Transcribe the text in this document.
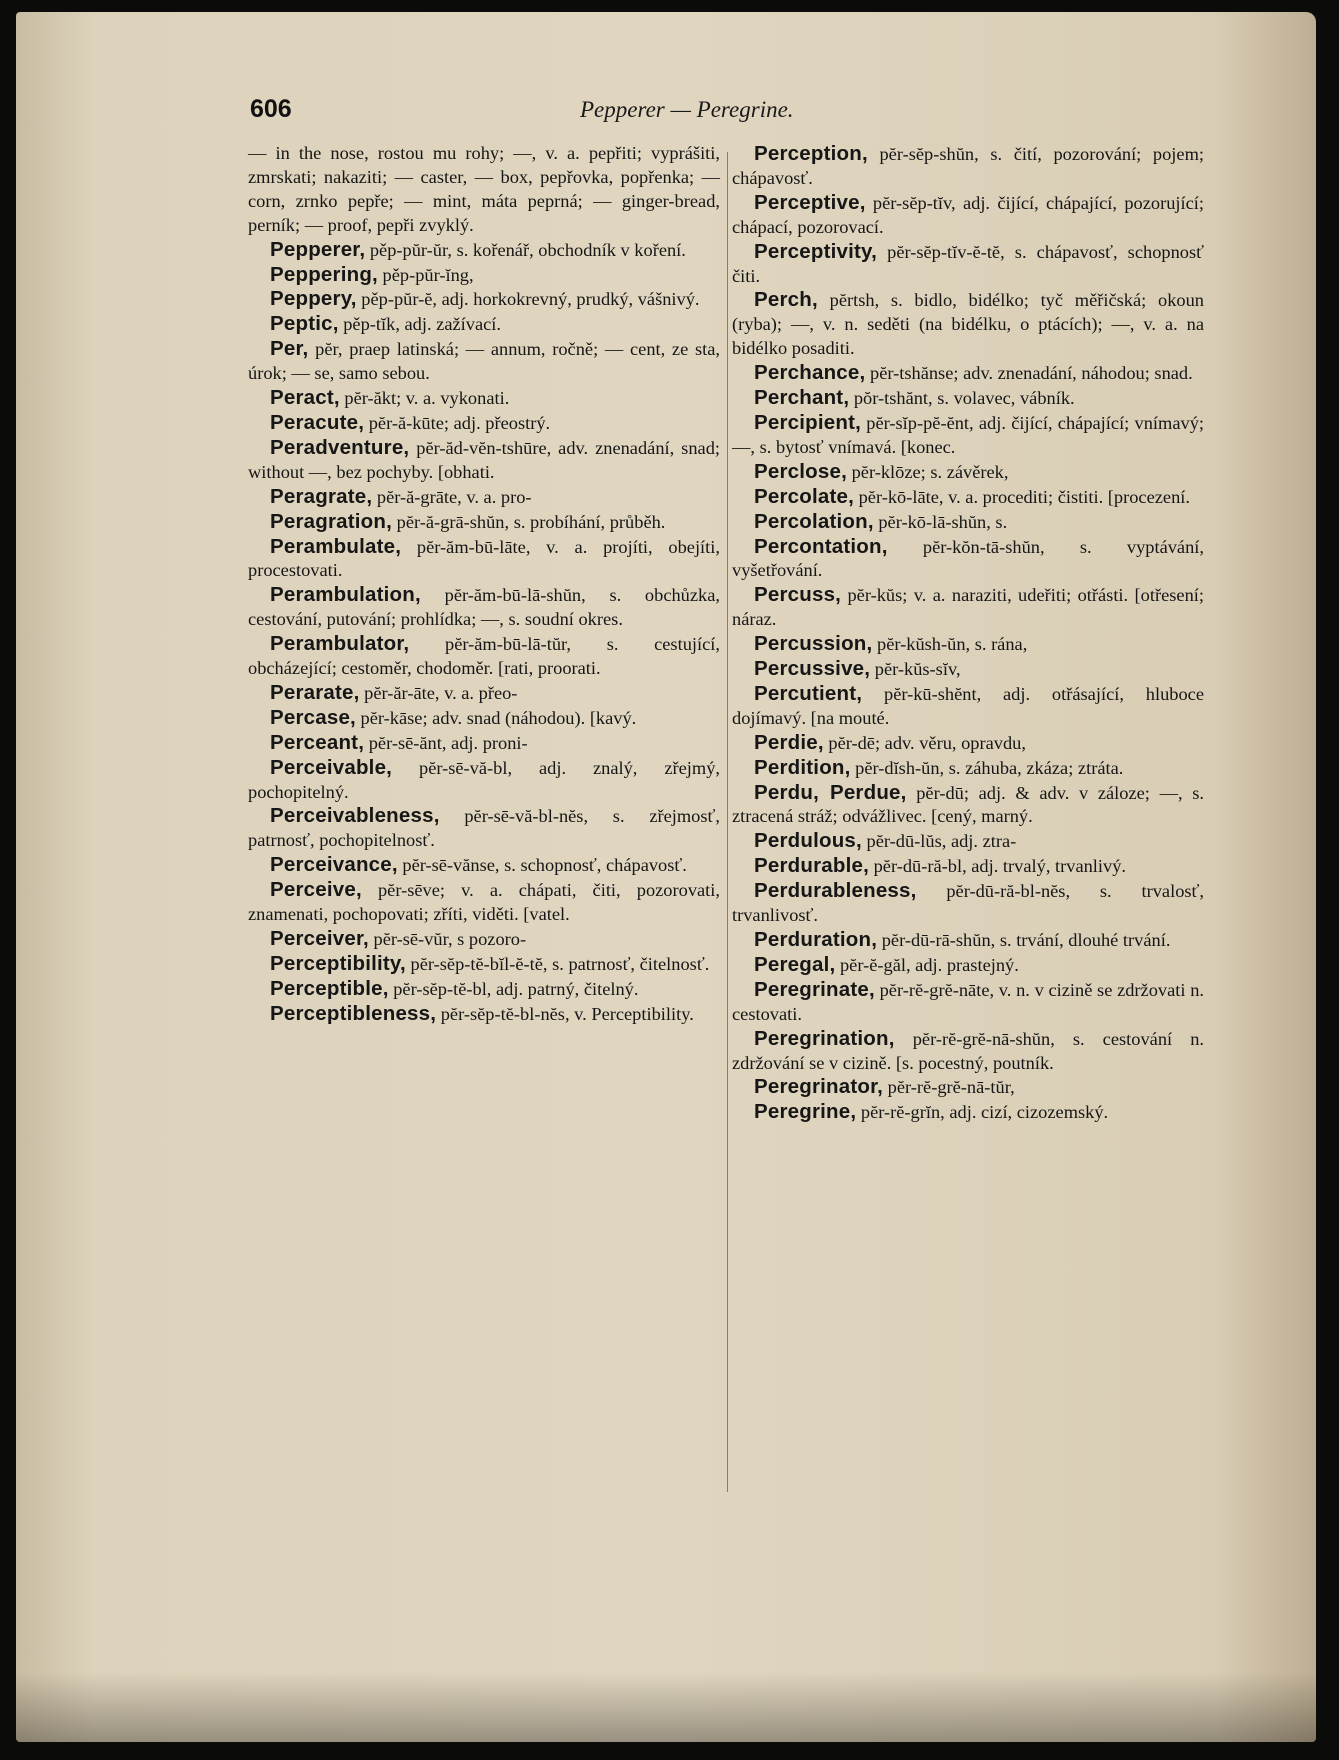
606	Pepperer — Peregrine.

— in the nose, rostou mu rohy; —, v. a. pepřiti; vyprášiti, zmrskati; nakaziti; — caster, — box, pepřovka, popřenka; — corn, zrnko pepře; — mint, máta peprná; — ginger-bread, perník; — proof, pepři zvyklý.

Pepperer, pěp-pŭr-ŭr, s. kořenář, obchodník v koření.

Peppering, pěp-pŭr-ĭng,

Peppery, pěp-pŭr-ĕ, adj. horkokrevný, prudký, vášnivý.

Peptic, pěp-tĭk, adj. zažívací.

Per, pĕr, praep latinská; — annum, ročně; — cent, ze sta, úrok; — se, samo sebou.

Peract, pĕr-ăkt; v. a. vykonati.

Peracute, pĕr-ă-kūte; adj. přeostrý.

Peradventure, pĕr-ăd-vĕn-tshūre, adv. znenadání, snad; without —, bez pochyby. [obhati.

Peragrate, pĕr-ă-grāte, v. a. pro-

Peragration, pĕr-ă-grā-shŭn, s. probíhání, průběh.

Perambulate, pĕr-ăm-bū-lāte, v. a. projíti, obejíti, procestovati.

Perambulation, pĕr-ăm-bū-lā-shŭn, s. obchůzka, cestování, putování; prohlídka; —, s. soudní okres.

Perambulator, pĕr-ăm-bū-lā-tŭr, s. cestující, obcházející; cestoměr, chodoměr. [rati, proorati.

Perarate, pĕr-ăr-āte, v. a. přeo-

Percase, pĕr-kāse; adv. snad (náhodou). [kavý.

Perceant, pĕr-sē-ănt, adj. proni-

Perceivable, pĕr-sē-vă-bl, adj. znalý, zřejmý, pochopitelný.

Perceivableness, pĕr-sē-vă-bl-nĕs, s. zřejmosť, patrnosť, pochopitelnosť.

Perceivance, pĕr-sē-vănse, s. schopnosť, chápavosť.

Perceive, pĕr-sēve; v. a. chápati, čiti, pozorovati, znamenati, pochopovati; zříti, viděti. [vatel.

Perceiver, pĕr-sē-vŭr, s pozoro-

Perceptibility, pĕr-sĕp-tĕ-bĭl-ĕ-tĕ, s. patrnosť, čitelnosť.

Perceptible, pĕr-sĕp-tĕ-bl, adj. patrný, čitelný.

Perceptibleness, pĕr-sĕp-tĕ-bl-nĕs, v. Perceptibility.

Perception, pĕr-sĕp-shŭn, s. čití, pozorování; pojem; chápavosť.

Perceptive, pĕr-sĕp-tĭv, adj. čijící, chápající, pozorující; chápací, pozorovací.

Perceptivity, pĕr-sĕp-tĭv-ĕ-tĕ, s. chápavosť, schopnosť čiti.

Perch, pĕrtsh, s. bidlo, bidélko; tyč měřičská; okoun (ryba); —, v. n. seděti (na bidélku, o ptácích); —, v. a. na bidélko posaditi.

Perchance, pĕr-tshănse; adv. znenadání, náhodou; snad.

Perchant, pŏr-tshănt, s. volavec, vábník.

Percipient, pĕr-sĭp-pĕ-ĕnt, adj. čijící, chápající; vnímavý; —, s. bytosť vnímavá. [konec.

Perclose, pĕr-klōze; s. závěrek,

Percolate, pĕr-kō-lāte, v. a. procediti; čistiti. [procezení.

Percolation, pĕr-kō-lā-shŭn, s.

Percontation, pĕr-kŏn-tā-shŭn, s. vyptávání, vyšetřování.

Percuss, pĕr-kŭs; v. a. naraziti, udeřiti; otřásti. [otřesení; náraz.

Percussion, pĕr-kŭsh-ŭn, s. rána,

Percussive, pĕr-kŭs-sĭv,

Percutient, pĕr-kū-shĕnt, adj. otřásající, hluboce dojímavý. [na mouté.

Perdie, pĕr-dē; adv. věru, opravdu,

Perdition, pĕr-dĭsh-ŭn, s. záhuba, zkáza; ztráta.

Perdu, Perdue, pĕr-dū; adj. & adv. v záloze; —, s. ztracená stráž; odvážlivec. [cený, marný.

Perdulous, pĕr-dū-lŭs, adj. ztra-

Perdurable, pĕr-dū-ră-bl, adj. trvalý, trvanlivý.

Perdurableness, pĕr-dū-ră-bl-nĕs, s. trvalosť, trvanlivosť.

Perduration, pĕr-dū-rā-shŭn, s. trvání, dlouhé trvání.

Peregal, pĕr-ĕ-găl, adj. prastejný.

Peregrinate, pĕr-rĕ-grĕ-nāte, v. n. v cizině se zdržovati n. cestovati.

Peregrination, pĕr-rĕ-grĕ-nā-shŭn, s. cestování n. zdržování se v cizině. [s. pocestný, poutník.

Peregrinator, pĕr-rĕ-grĕ-nā-tŭr,

Peregrine, pĕr-rĕ-grĭn, adj. cizí, cizozemský.
